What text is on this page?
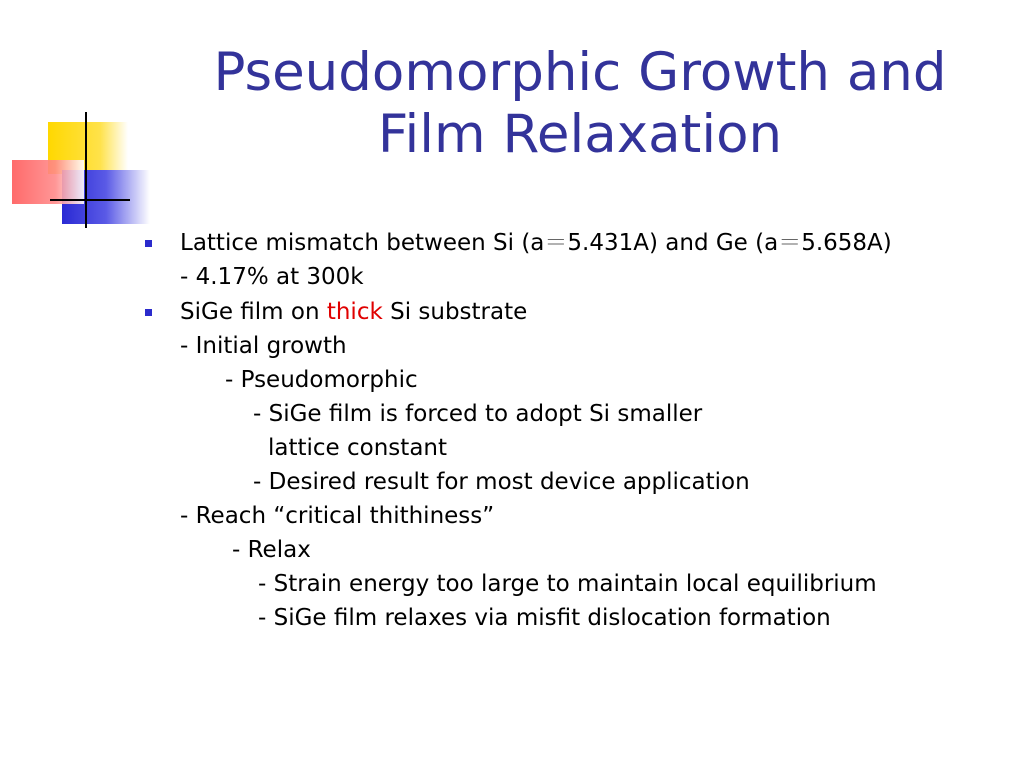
Pseudomorphic Growth and
Film Relaxation
Lattice mismatch between Si (a＝5.431A) and Ge (a＝5.658A)
- 4.17% at 300k
SiGe film on thick Si substrate
- Initial growth
- Pseudomorphic
- SiGe film is forced to adopt Si smaller
lattice constant
- Desired result for most device application
- Reach “critical thithiness”
- Relax
- Strain energy too large to maintain local equilibrium
- SiGe film relaxes via misfit dislocation formation
